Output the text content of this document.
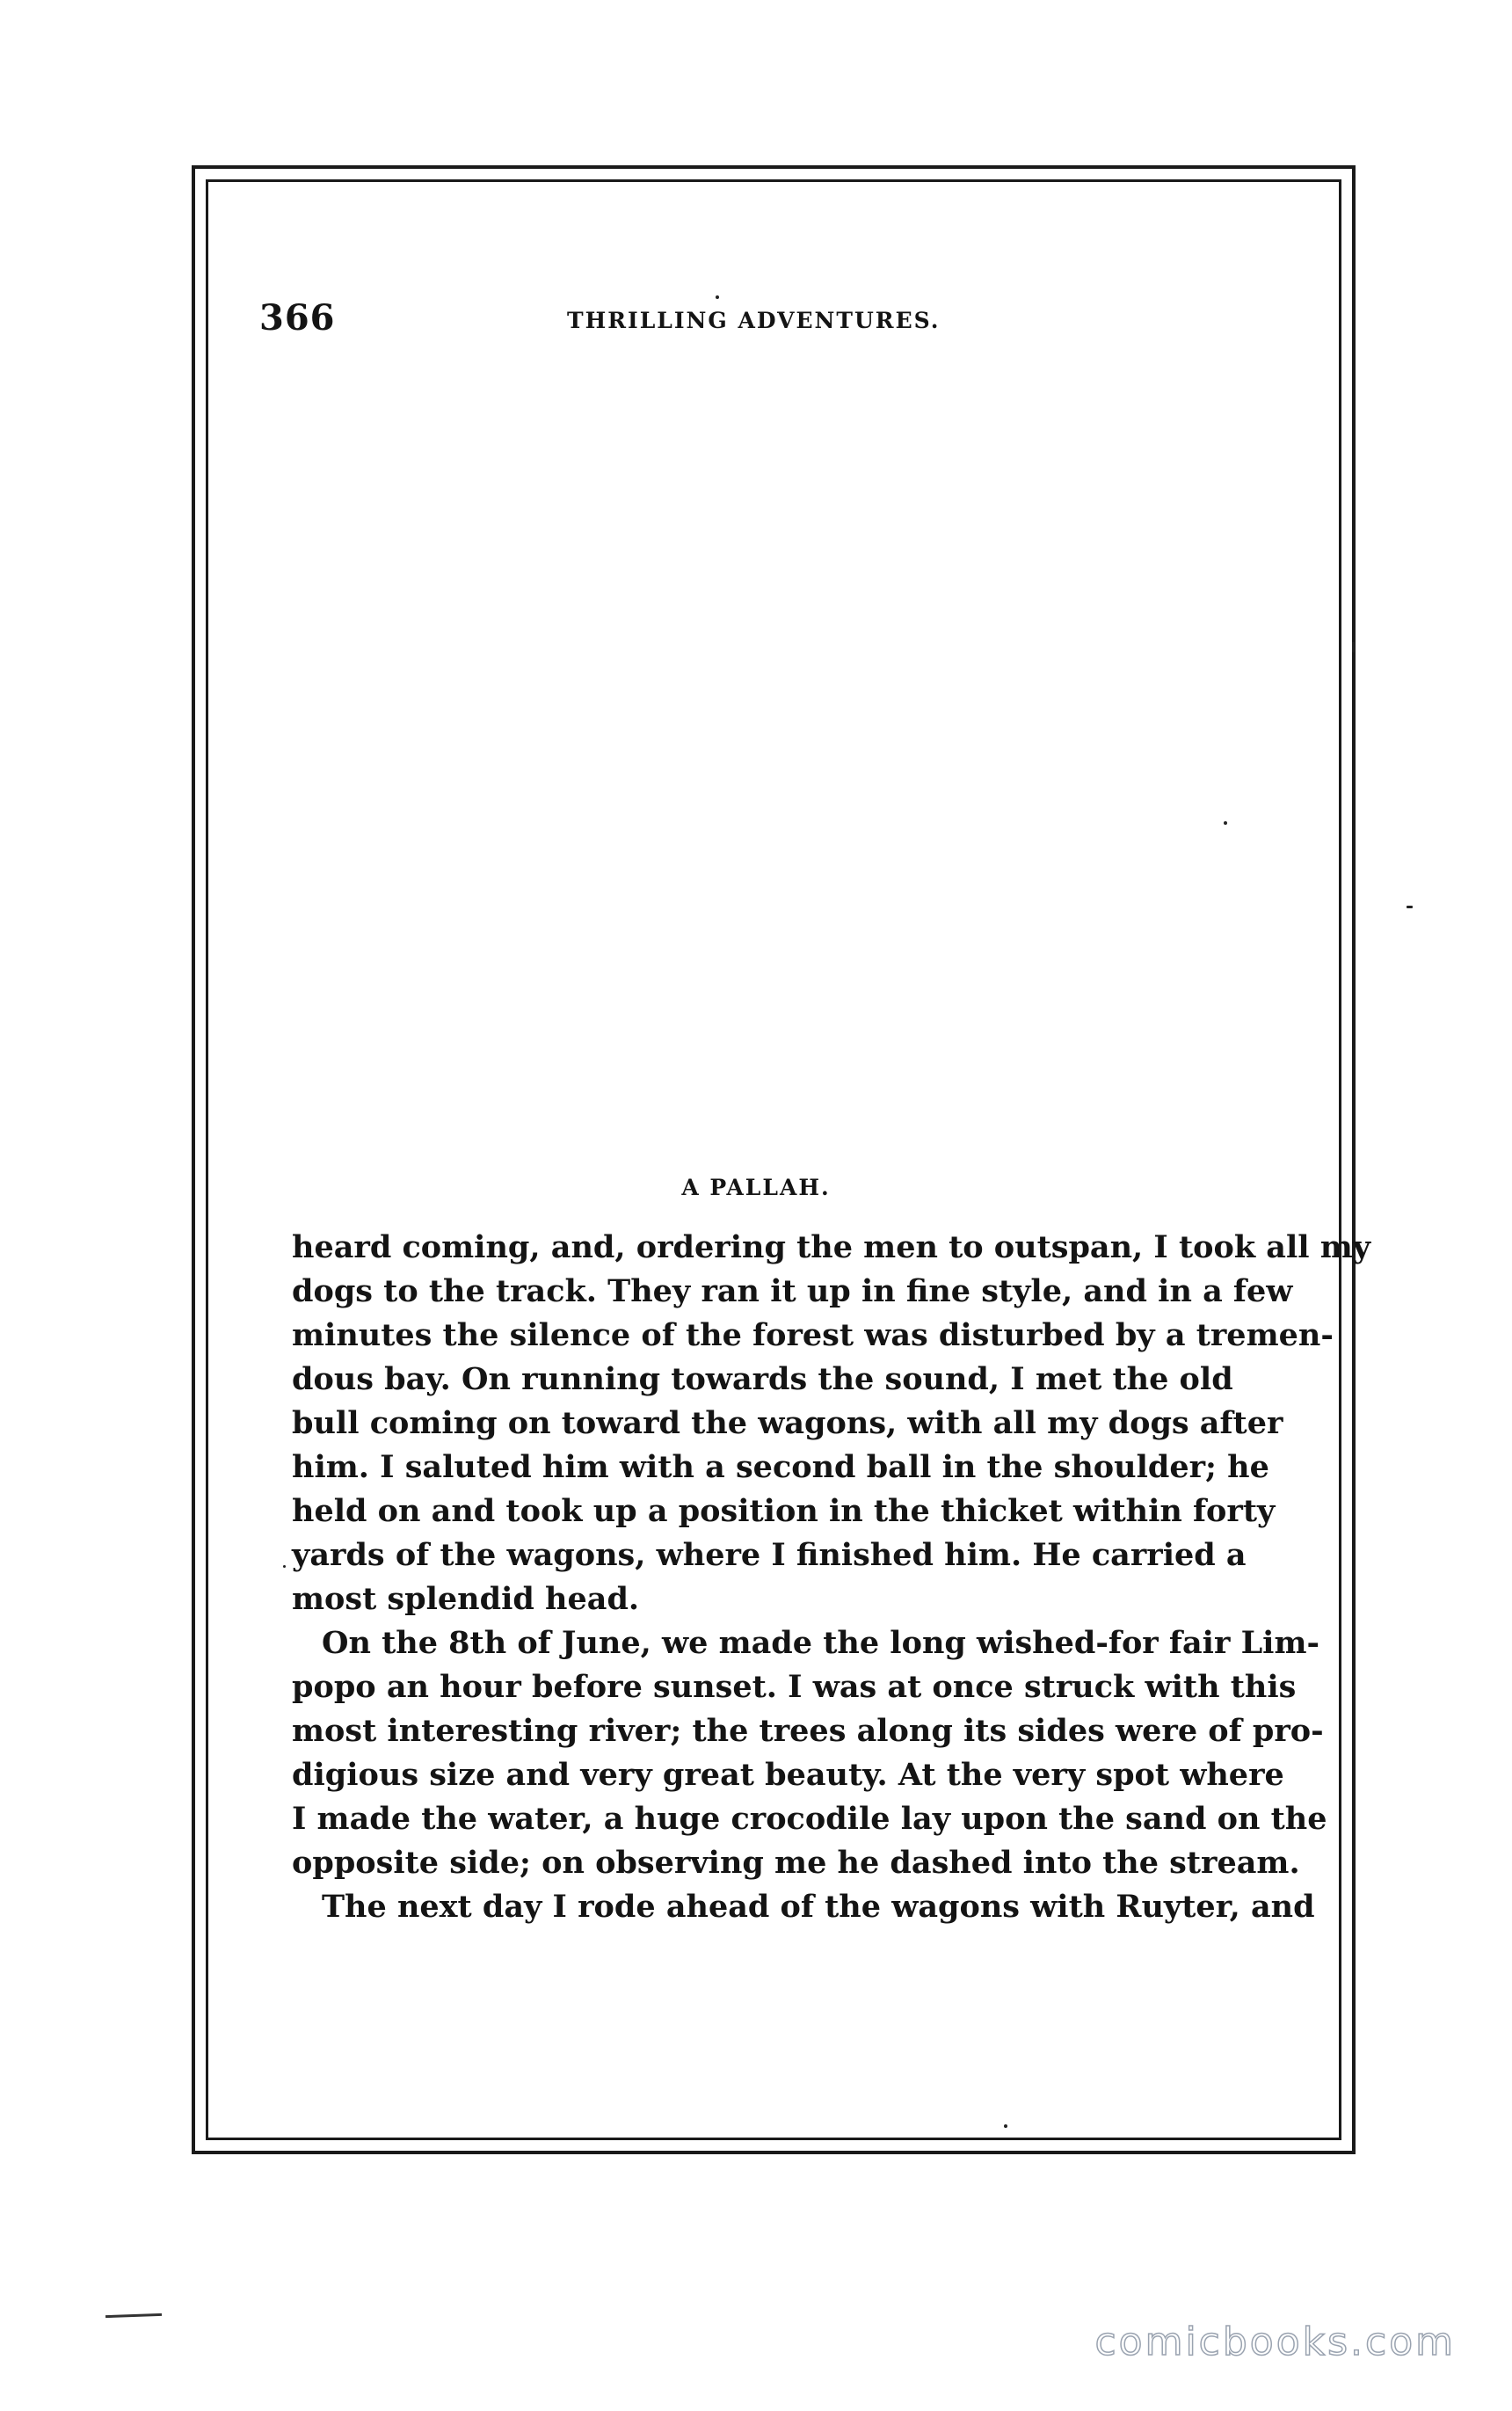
366	THRILLING ADVENTURES.
A PALLAH.
heard coming, and, ordering the men to outspan, I took all my
dogs to the track. They ran it up in fine style, and in a few
minutes the silence of the forest was disturbed by a tremen-
dous bay. On running towards the sound, I met the old
bull coming on toward the wagons, with all my dogs after
him. I saluted him with a second ball in the shoulder; he
held on and took up a position in the thicket within forty
yards of the wagons, where I finished him. He carried a
most splendid head.
On the 8th of June, we made the long wished-for fair Lim-
popo an hour before sunset. I was at once struck with this
most interesting river; the trees along its sides were of pro-
digious size and very great beauty. At the very spot where
I made the water, a huge crocodile lay upon the sand on the
opposite side; on observing me he dashed into the stream.
The next day I rode ahead of the wagons with Ruyter, and
comicbooks.com
